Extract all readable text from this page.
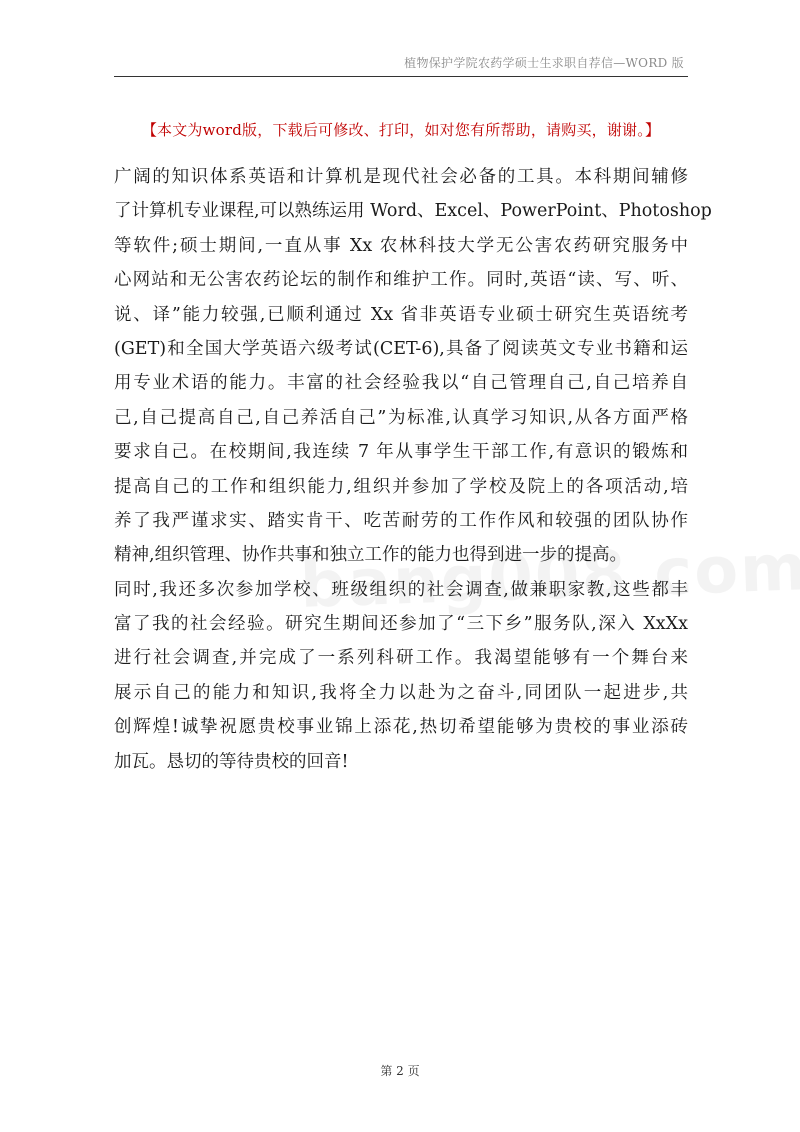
植物保护学院农药学硕士生求职自荐信—WORD 版
【本文为word版，下载后可修改、打印，如对您有所帮助，请购买，谢谢。】
广阔的知识体系英语和计算机是现代社会必备的工具。本科期间辅修
了计算机专业课程,可以熟练运用 Word、Excel、PowerPoint、Photoshop
等软件;硕士期间,一直从事 Xx 农林科技大学无公害农药研究服务中
心网站和无公害农药论坛的制作和维护工作。同时,英语“读、写、听、
说、译”能力较强,已顺利通过 Xx 省非英语专业硕士研究生英语统考
(GET)和全国大学英语六级考试(CET-6),具备了阅读英文专业书籍和运
用专业术语的能力。丰富的社会经验我以“自己管理自己,自己培养自
己,自己提高自己,自己养活自己”为标准,认真学习知识,从各方面严格
要求自己。在校期间,我连续 7 年从事学生干部工作,有意识的锻炼和
提高自己的工作和组织能力,组织并参加了学校及院上的各项活动,培
养了我严谨求实、踏实肯干、吃苦耐劳的工作作风和较强的团队协作
精神,组织管理、协作共事和独立工作的能力也得到进一步的提高。
同时,我还多次参加学校、班级组织的社会调查,做兼职家教,这些都丰
富了我的社会经验。研究生期间还参加了“三下乡”服务队,深入 XxXx
进行社会调查,并完成了一系列科研工作。我渴望能够有一个舞台来
展示自己的能力和知识,我将全力以赴为之奋斗,同团队一起进步,共
创辉煌!诚挚祝愿贵校事业锦上添花,热切希望能够为贵校的事业添砖
加瓦。恳切的等待贵校的回音!
第 2 页
